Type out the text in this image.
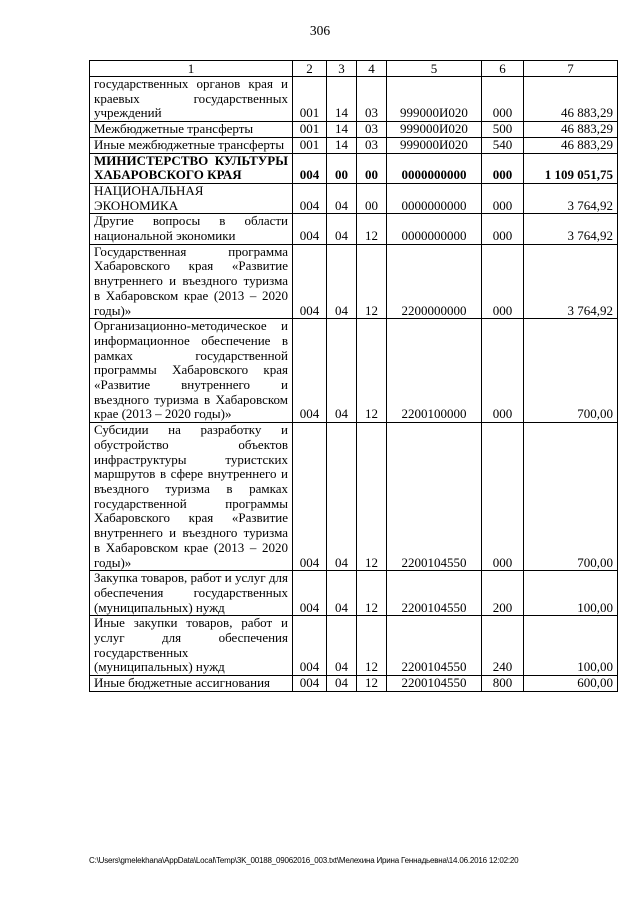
306
1	2	3	4	5	6	7
государственных органов края и краевых государственных учреждений	001	14	03	999000И020	000	46 883,29
Межбюджетные трансферты	001	14	03	999000И020	500	46 883,29
Иные межбюджетные трансферты	001	14	03	999000И020	540	46 883,29
МИНИСТЕРСТВО КУЛЬТУРЫ ХАБАРОВСКОГО КРАЯ	004	00	00	0000000000	000	1 109 051,75
НАЦИОНАЛЬНАЯ ЭКОНОМИКА	004	04	00	0000000000	000	3 764,92
Другие вопросы в области национальной экономики	004	04	12	0000000000	000	3 764,92
Государственная программа Хабаровского края «Развитие внутреннего и въездного туризма в Хабаровском крае (2013 – 2020 годы)»	004	04	12	2200000000	000	3 764,92
Организационно-методическое и информационное обеспечение в рамках государственной программы Хабаровского края «Развитие внутреннего и въездного туризма в Хабаровском крае (2013 – 2020 годы)»	004	04	12	2200100000	000	700,00
Субсидии на разработку и обустройство объектов инфраструктуры туристских маршрутов в сфере внутреннего и въездного туризма в рамках государственной программы Хабаровского края «Развитие внутреннего и въездного туризма в Хабаровском крае (2013 – 2020 годы)»	004	04	12	2200104550	000	700,00
Закупка товаров, работ и услуг для обеспечения государственных (муниципальных) нужд	004	04	12	2200104550	200	100,00
Иные закупки товаров, работ и услуг для обеспечения государственных (муниципальных) нужд	004	04	12	2200104550	240	100,00
Иные бюджетные ассигнования	004	04	12	2200104550	800	600,00
C:\Users\gmelekhana\AppData\Local\Temp\3K_00188_09062016_003.txt\Мелехина Ирина Геннадьевна\14.06.2016 12:02:20
